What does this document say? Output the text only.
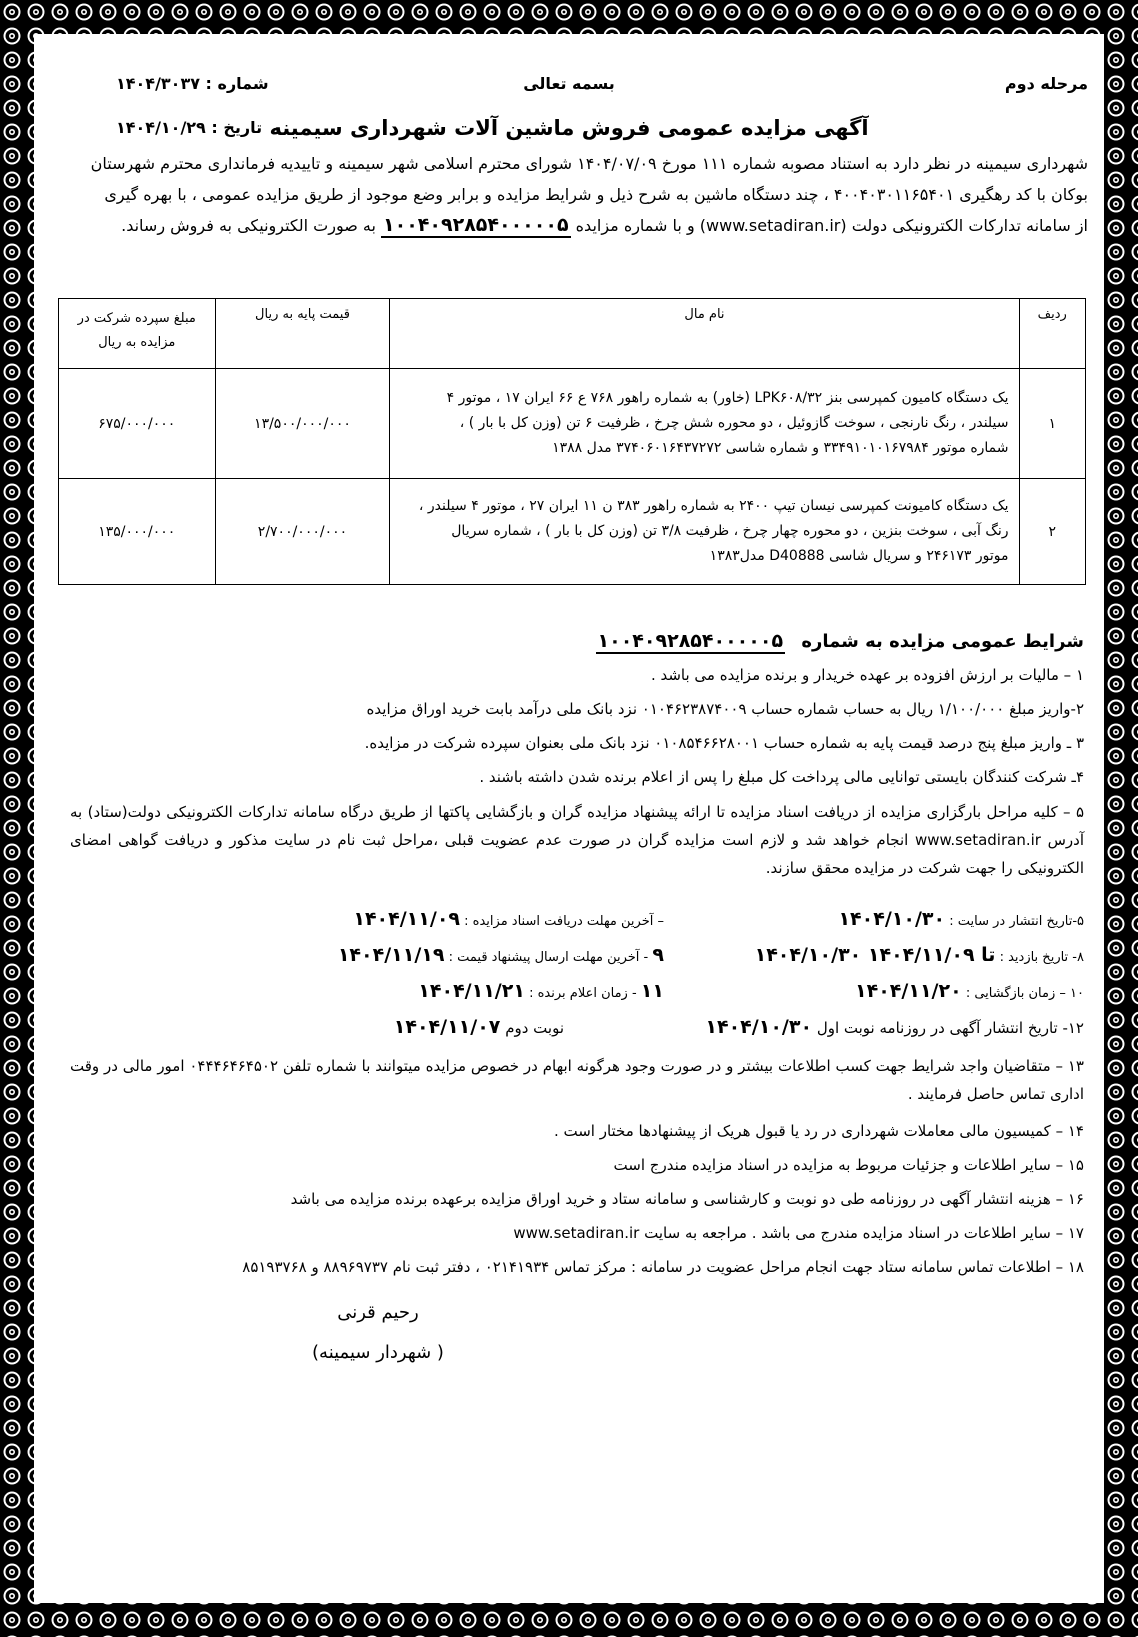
مرحله دوم
بسمه تعالی
شماره : ۱۴۰۴/۳۰۳۷
تاریخ : ۱۴۰۴/۱۰/۲۹ آگهی مزایده عمومی فروش ماشین آلات شهرداری سیمینه
شهرداری سیمینه در نظر دارد به استناد مصوبه شماره ۱۱۱ مورخ ۱۴۰۴/۰۷/۰۹ شورای محترم اسلامی شهر سیمینه و تاییدیه فرمانداری محترم شهرستان
بوکان با کد رهگیری ۴۰۰۴۰۳۰۱۱۶۵۴۰۱ ، چند دستگاه ماشین به شرح ذیل و شرایط مزایده و برابر وضع موجود از طریق مزایده عمومی ، با بهره گیری
از سامانه تدارکات الکترونیکی دولت (www.setadiran.ir) و با شماره مزایده ۱۰۰۴۰۹۲۸۵۴۰۰۰۰۰۵ به صورت الکترونیکی به فروش رساند.
ردیف	نام مال	قیمت پایه به ریال	مبلغ سپرده شرکت در مزایده به ریال
۱	یک دستگاه کامیون کمپرسی بنز LPK۶۰۸/۳۲ (خاور) به شماره راهور ۷۶۸ ع ۶۶ ایران ۱۷ ، موتور ۴
سیلندر ، رنگ نارنجی ، سوخت گازوئیل ، دو محوره شش چرخ ، ظرفیت ۶ تن (وزن کل با بار ) ،
شماره موتور ۳۳۴۹۱۰۱۰۱۶۷۹۸۴ و شماره شاسی ۳۷۴۰۶۰۱۶۴۳۷۲۷۲ مدل ۱۳۸۸	۱۳/۵۰۰/۰۰۰/۰۰۰	۶۷۵/۰۰۰/۰۰۰
۲	یک دستگاه کامیونت کمپرسی نیسان تیپ ۲۴۰۰ به شماره راهور ۳۸۳ ن ۱۱ ایران ۲۷ ، موتور ۴ سیلندر ،
رنگ آبی ، سوخت بنزین ، دو محوره چهار چرخ ، ظرفیت ۳/۸ تن (وزن کل با بار ) ، شماره سریال
موتور ۲۴۶۱۷۳ و سریال شاسی D40888 مدل۱۳۸۳	۲/۷۰۰/۰۰۰/۰۰۰	۱۳۵/۰۰۰/۰۰۰
شرایط عمومی مزایده به شماره ۱۰۰۴۰۹۲۸۵۴۰۰۰۰۰۵
۱ – مالیات بر ارزش افزوده بر عهده خریدار و برنده مزایده می باشد .
۲-واریز مبلغ ۱/۱۰۰/۰۰۰ ریال به حساب شماره حساب ۰۱۰۴۶۲۳۸۷۴۰۰۹ نزد بانک ملی درآمد بابت خرید اوراق مزایده
۳ ـ واریز مبلغ پنج درصد قیمت پایه به شماره حساب ۰۱۰۸۵۴۶۶۲۸۰۰۱ نزد بانک ملی بعنوان سپرده شرکت در مزایده.
۴ـ شرکت کنندگان بایستی توانایی مالی پرداخت کل مبلغ را پس از اعلام برنده شدن داشته باشند .
۵ – کلیه مراحل بارگزاری مزایده از دریافت اسناد مزایده تا ارائه پیشنهاد مزایده گران و بازگشایی پاکتها از طریق درگاه سامانه تدارکات الکترونیکی دولت(ستاد) به آدرس www.setadiran.ir انجام خواهد شد و لازم است مزایده گران در صورت عدم عضویت قبلی ،مراحل ثبت نام در سایت مذکور و دریافت گواهی امضای الکترونیکی را جهت شرکت در مزایده محقق سازند.
۵-تاریخ انتشار در سایت : ۱۴۰۴/۱۰/۳۰
– آخرین مهلت دریافت اسناد مزایده : ۱۴۰۴/۱۱/۰۹
۸- تاریخ بازدید : ۱۴۰۴/۱۰/۳۰ تا ۱۴۰۴/۱۱/۰۹
۹ - آخرین مهلت ارسال پیشنهاد قیمت : ۱۴۰۴/۱۱/۱۹
۱۰ – زمان بازگشایی : ۱۴۰۴/۱۱/۲۰
۱۱ - زمان اعلام برنده : ۱۴۰۴/۱۱/۲۱
۱۲- تاریخ انتشار آگهی در روزنامه نوبت اول ۱۴۰۴/۱۰/۳۰
نوبت دوم ۱۴۰۴/۱۱/۰۷
۱۳ – متقاضیان واجد شرایط جهت کسب اطلاعات بیشتر و در صورت وجود هرگونه ابهام در خصوص مزایده میتوانند با شماره تلفن ۰۴۴۴۶۴۶۴۵۰۲ امور مالی در وقت اداری تماس حاصل فرمایند .
۱۴ – کمیسیون مالی معاملات شهرداری در رد یا قبول هریک از پیشنهادها مختار است .
۱۵ – سایر اطلاعات و جزئیات مربوط به مزایده در اسناد مزایده مندرج است
۱۶ – هزینه انتشار آگهی در روزنامه طی دو نوبت و کارشناسی و سامانه ستاد و خرید اوراق مزایده برعهده برنده مزایده می باشد
۱۷ – سایر اطلاعات در اسناد مزایده مندرج می باشد . مراجعه به سایت www.setadiran.ir
۱۸ – اطلاعات تماس سامانه ستاد جهت انجام مراحل عضویت در سامانه : مرکز تماس ۰۲۱۴۱۹۳۴ ، دفتر ثبت نام ۸۸۹۶۹۷۳۷ و ۸۵۱۹۳۷۶۸
رحیم قرنی
( شهردار سیمینه)
